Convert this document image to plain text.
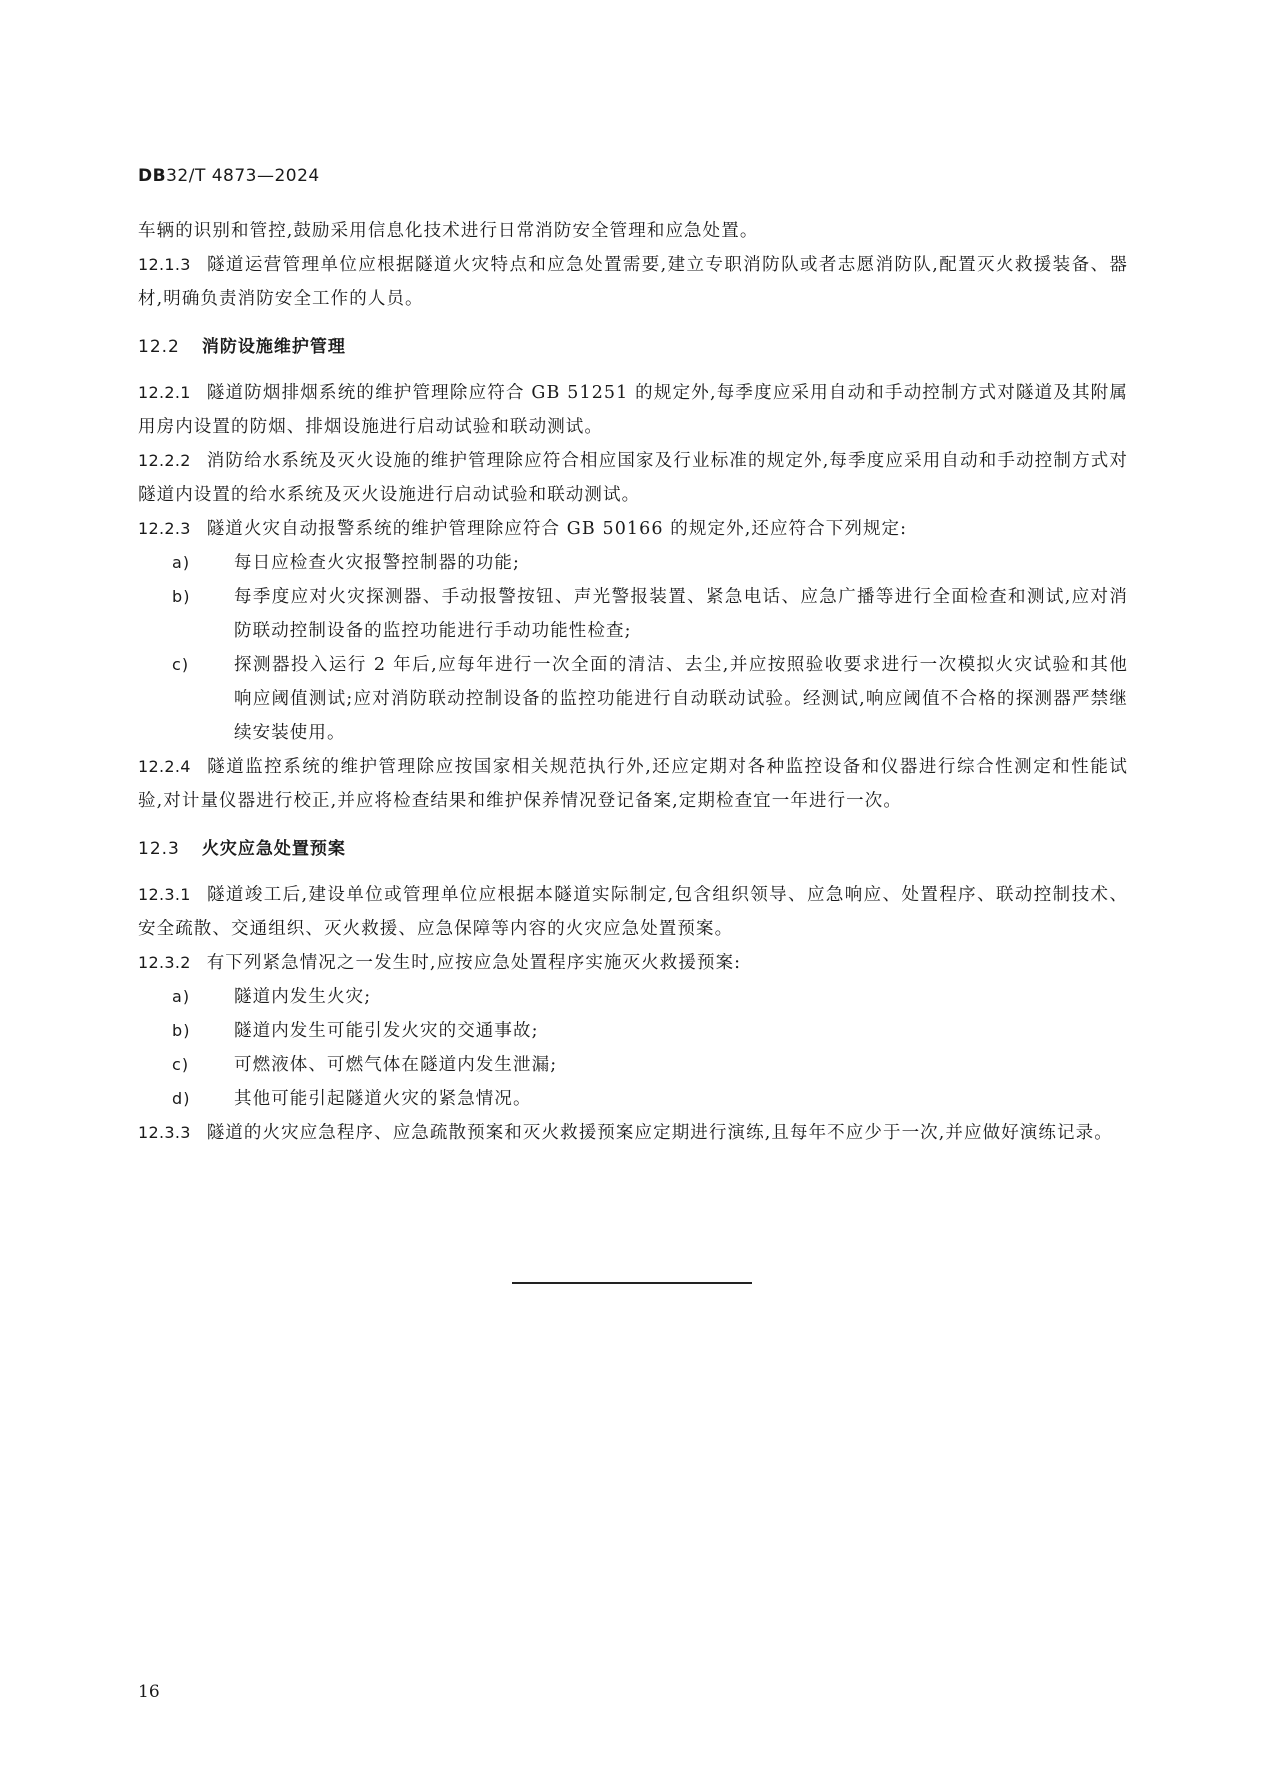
DB32/T 4873—2024

车辆的识别和管控,鼓励采用信息化技术进行日常消防安全管理和应急处置。

12.1.3 隧道运营管理单位应根据隧道火灾特点和应急处置需要,建立专职消防队或者志愿消防队,配置灭火救援装备、器材,明确负责消防安全工作的人员。

12.2 消防设施维护管理

12.2.1 隧道防烟排烟系统的维护管理除应符合 GB 51251 的规定外,每季度应采用自动和手动控制方式对隧道及其附属用房内设置的防烟、排烟设施进行启动试验和联动测试。

12.2.2 消防给水系统及灭火设施的维护管理除应符合相应国家及行业标准的规定外,每季度应采用自动和手动控制方式对隧道内设置的给水系统及灭火设施进行启动试验和联动测试。

12.2.3 隧道火灾自动报警系统的维护管理除应符合 GB 50166 的规定外,还应符合下列规定:

a)	每日应检查火灾报警控制器的功能;

b) 每季度应对火灾探测器、手动报警按钮、声光警报装置、紧急电话、应急广播等进行全面检查和测试,应对消防联动控制设备的监控功能进行手动功能性检查;

c)	探测器投入运行 2 年后,应每年进行一次全面的清洁、去尘,并应按照验收要求进行一次模拟火灾试验和其他响应阈值测试;应对消防联动控制设备的监控功能进行自动联动试验。经测试,响应阈值不合格的探测器严禁继续安装使用。

12.2.4 隧道监控系统的维护管理除应按国家相关规范执行外,还应定期对各种监控设备和仪器进行综合性测定和性能试验,对计量仪器进行校正,并应将检查结果和维护保养情况登记备案,定期检查宜一年进行一次。

12.3 火灾应急处置预案

12.3.1 隧道竣工后,建设单位或管理单位应根据本隧道实际制定,包含组织领导、应急响应、处置程序、联动控制技术、安全疏散、交通组织、灭火救援、应急保障等内容的火灾应急处置预案。

12.3.2 有下列紧急情况之一发生时,应按应急处置程序实施灭火救援预案:

a)	隧道内发生火灾;

b) 隧道内发生可能引发火灾的交通事故;

c)	可燃液体、可燃气体在隧道内发生泄漏;

d) 其他可能引起隧道火灾的紧急情况。

12.3.3 隧道的火灾应急程序、应急疏散预案和灭火救援预案应定期进行演练,且每年不应少于一次,并应做好演练记录。

16
